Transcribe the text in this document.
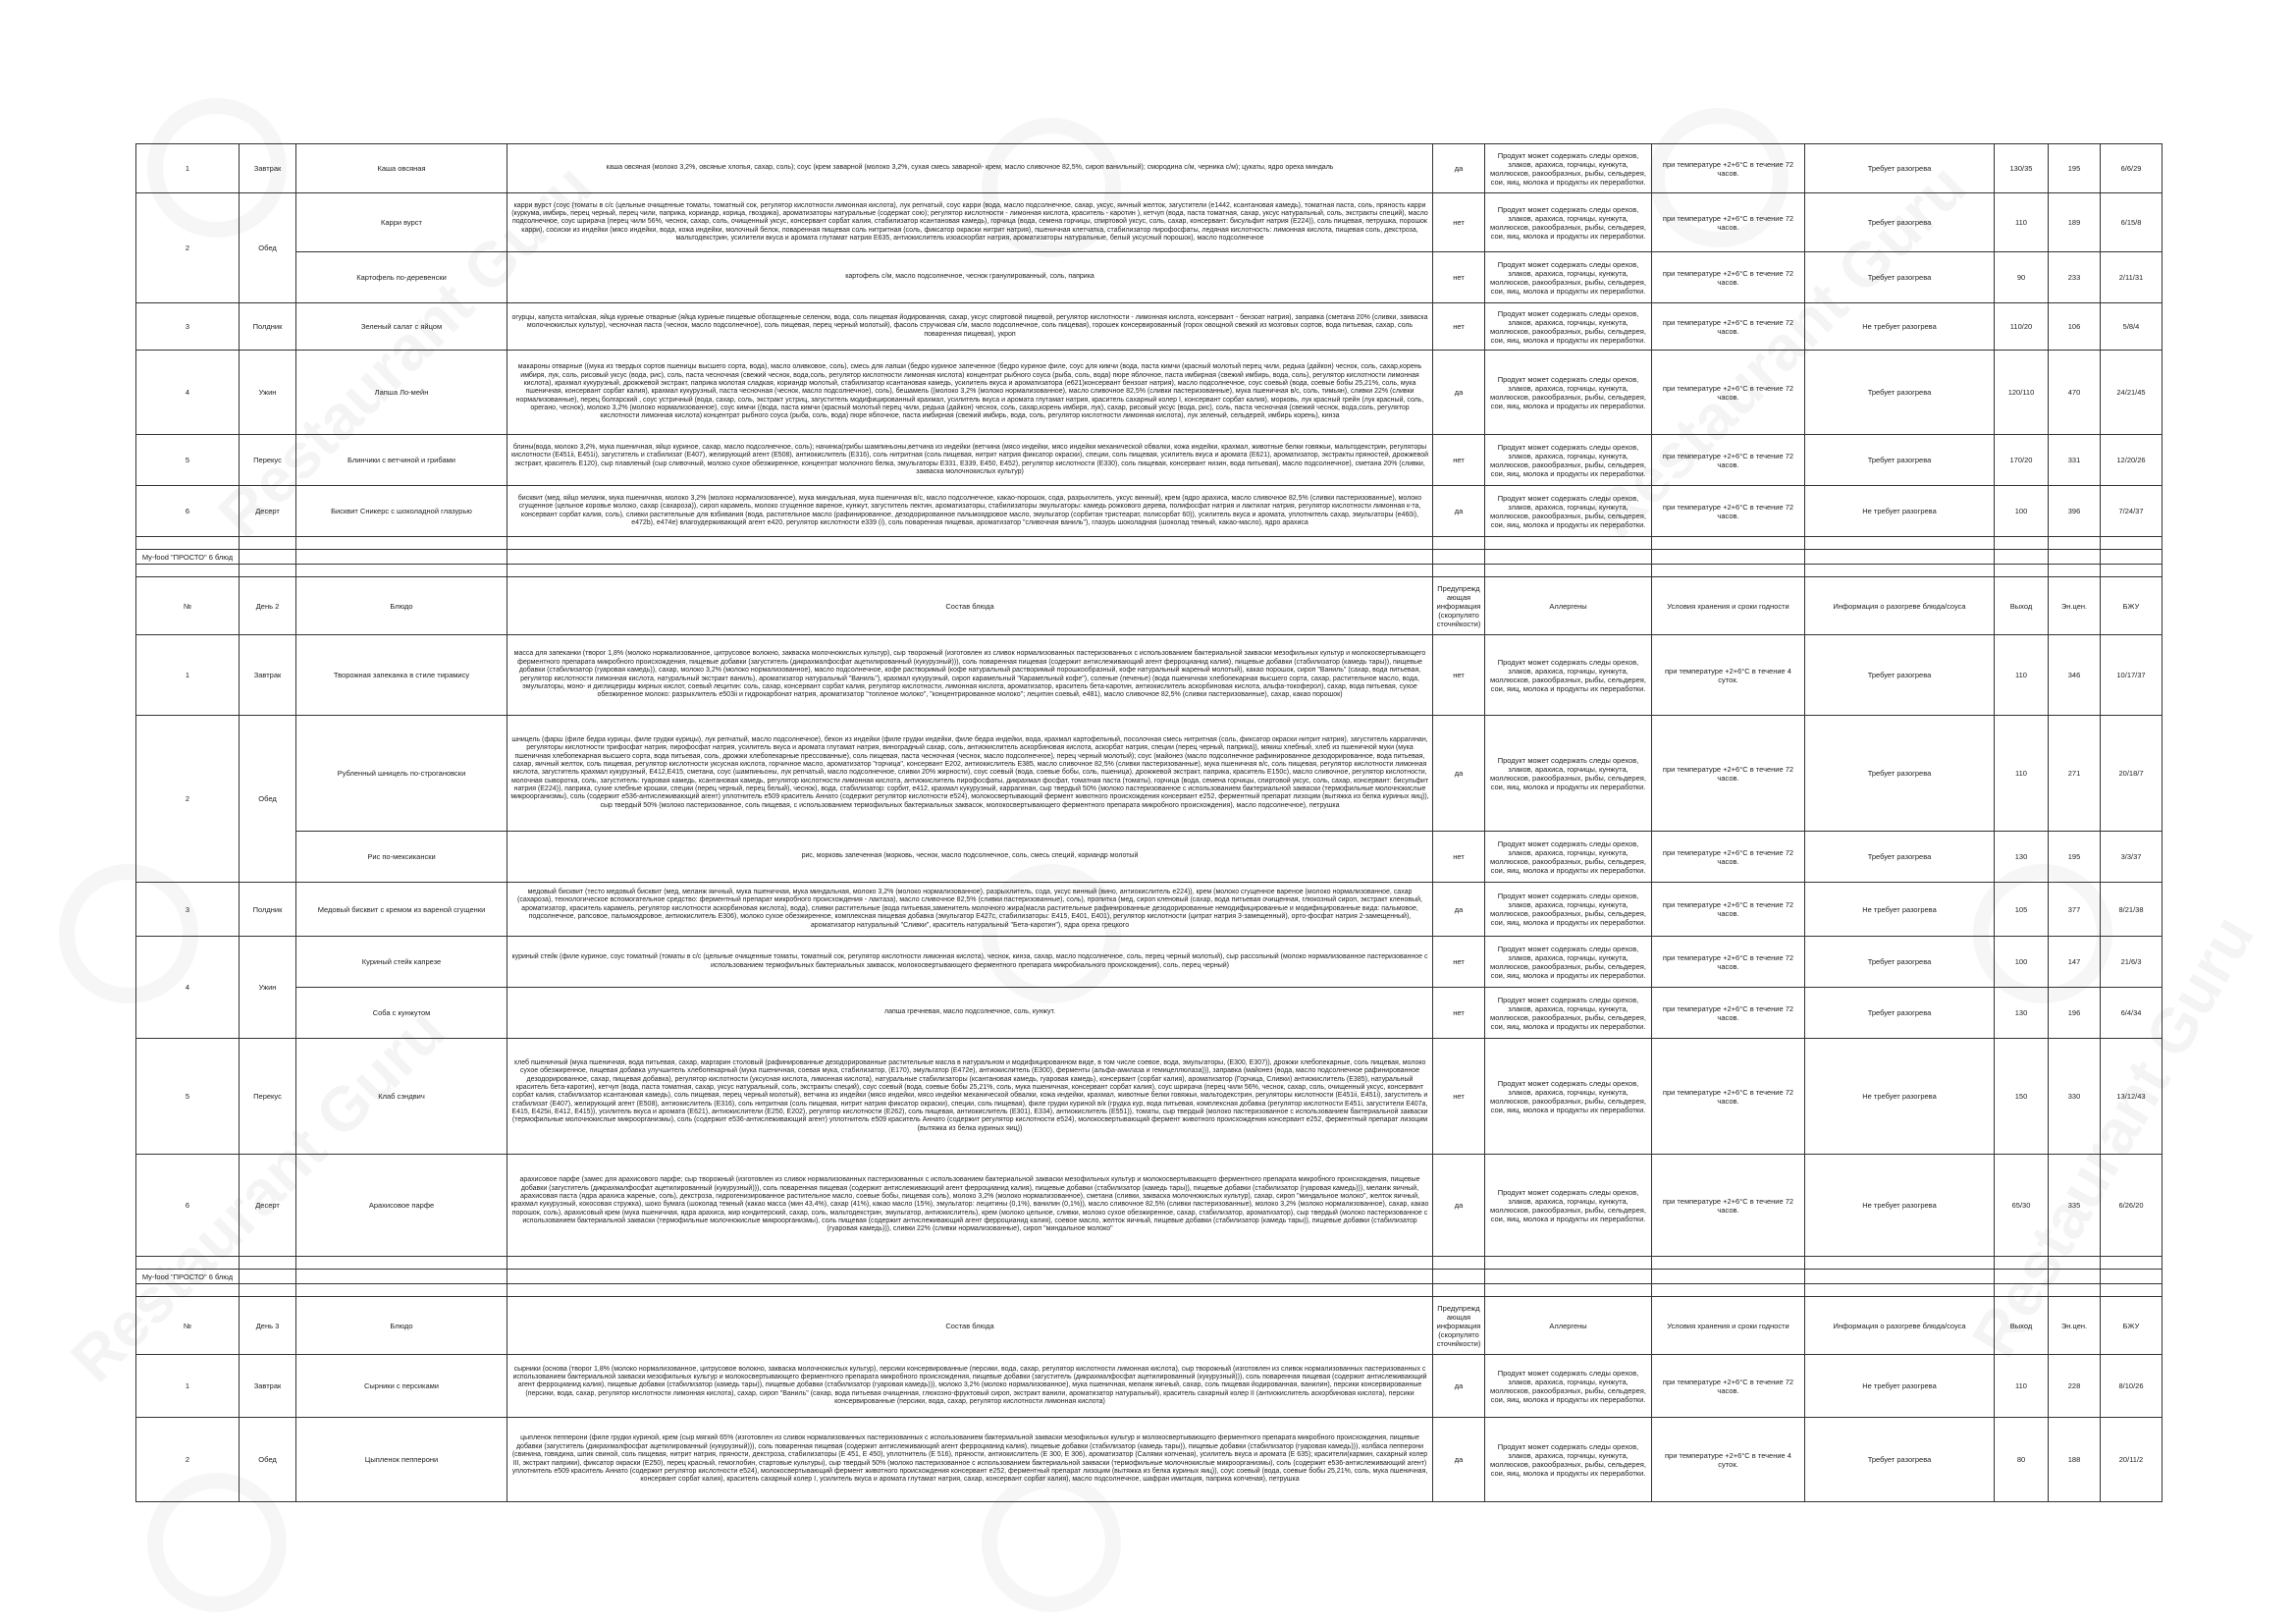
1	Завтрак	Каша овсяная	каша овсяная (молоко 3,2%, овсяные хлопья, сахар, соль); соус (крем заварной (молоко 3,2%, сухая смесь заварной- крем, масло сливочное 82,5%, сироп ванильный); смородина с/м, черника с/м); цукаты, ядро ореха миндаль	да	Продукт может содержать следы орехов, злаков, арахиса, горчицы, кунжута, моллюсков, ракообразных, рыбы, сельдерея, сои, яиц, молока и продукты их переработки.	при температуре +2+6°С в течение 72 часов.	Требует разогрева	130/35	195	6/6/29
2	Обед	Карри вурст	карри вурст (соус (томаты в с/с (цельные очищенные томаты, томатный сок, регулятор кислотности лимонная кислота), лук репчатый, соус карри (вода, масло подсолнечное, сахар, уксус, яичный желток, загустители (е1442, ксантановая камедь), томатная паста, соль, пряность карри (куркума, имбирь, перец черный, перец чили, паприка, кориандр, корица, гвоздика), ароматизаторы натуральные (содержат сою); регулятор кислотности - лимонная кислота, краситель - каротин ), кетчуп (вода, паста томатная, сахар, уксус натуральный, соль, экстракты специй), масло подсолнечное, соус шрирача (перец чили 56%, чеснок, сахар, соль, очищенный уксус, консервант сорбат калия, стабилизатор ксантановая камедь), горчица (вода, семена горчицы, спиртовой уксус, соль, сахар, консервант: бисульфит натрия (E224)), соль пищевая, петрушка, порошок карри), сосиски из индейки (мясо индейки, вода, кожа индейки, молочный белок, поваренная пищевая соль нитритная (соль, фиксатор окраски нитрит натрия), пшеничная клетчатка, стабилизатор пирофосфаты, ледяная кислотность: лимонная кислота, пищевая соль, декстроза, мальтодекстрин, усилители вкуса и аромата глутамат натрия Е635, антиокислитель изоаскорбат натрия, ароматизаторы натуральные, белый уксусный порошок), масло подсолнечное	нет	Продукт может содержать следы орехов, злаков, арахиса, горчицы, кунжута, моллюсков, ракообразных, рыбы, сельдерея, сои, яиц, молока и продукты их переработки.	при температуре +2+6°С в течение 72 часов.	Требует разогрева	110	189	6/15/8
		Картофель по-деревенски	картофель с/м, масло подсолнечное, чеснок гранулированный, соль, паприка	нет	Продукт может содержать следы орехов, злаков, арахиса, горчицы, кунжута, моллюсков, ракообразных, рыбы, сельдерея, сои, яиц, молока и продукты их переработки.	при температуре +2+6°С в течение 72 часов.	Требует разогрева	90	233	2/11/31
3	Полдник	Зеленый салат с яйцом	огурцы, капуста китайская, яйца куриные отварные (яйца куриные пищевые обогащенные селеном, вода, соль пищевая йодированная, сахар, уксус спиртовой пищевой, регулятор кислотности - лимонная кислота, консервант - бензоат натрия), заправка (сметана 20% (сливки, закваска молочнокислых культур), чесночная паста (чеснок, масло подсолнечное), соль пищевая, перец черный молотый), фасоль стручковая с/м, масло подсолнечное, соль пищевая), горошек консервированный (горох овощной свежий из мозговых сортов, вода питьевая, сахар, соль поваренная пищевая), укроп	нет	Продукт может содержать следы орехов, злаков, арахиса, горчицы, кунжута, моллюсков, ракообразных, рыбы, сельдерея, сои, яиц, молока и продукты их переработки.	при температуре +2+6°С в течение 72 часов.	Не требует разогрева	110/20	106	5/8/4
4	Ужин	Лапша Ло-мейн	макароны отварные ((мука из твердых сортов пшеницы высшего сорта, вода), масло оливковое, соль), смесь для лапши (бедро куриное запеченное (бедро куриное филе, соус для кимчи (вода, паста кимчи (красный молотый перец чили, редька (дайкон) чеснок, соль, сахар,корень имбиря, лук, соль, рисовый уксус (вода, рис), соль, паста чесночная (свежий чеснок, вода,соль, регулятор кислотности лимонная кислота) концентрат рыбного соуса (рыба, соль, вода) пюре яблочное, паста имбирная (свежий имбирь, вода, соль), регулятор кислотности лимонная кислота), крахмал кукурузный, дрожжевой экстракт, паприка молотая сладкая, кориандр молотый, стабилизатор ксантановая камедь, усилитель вкуса и ароматизатора (е621)консервант бензоат натрия), масло подсолнечное, соус соевый (вода, соевые бобы 25,21%, соль, мука пшеничная, консервант сорбат калия), крахмал кукурузный, паста чесночная (чеснок, масло подсолнечное), соль), бешамель ((молоко 3,2% (молоко нормализованное), масло сливочное 82,5% (сливки пастеризованные), мука пшеничная в/с, соль, тимьян), сливки 22% (сливки нормализованные), перец болгарский , соус устричный (вода, сахар, соль, экстракт устриц, загуститель модифицированный крахмал, усилитель вкуса и аромата глутамат натрия, краситель сахарный колер I, консервант сорбат калия), морковь, лук красный грейн (лук красный, соль, орегано, чеснок), молоко 3,2% (молоко нормализованное), соус кимчи ((вода, паста кимчи (красный молотый перец чили, редька (дайкон) чеснок, соль, сахар,корень имбиря, лук), сахар, рисовый уксус (вода, рис), соль, паста чесночная (свежий чеснок, вода,соль, регулятор кислотности лимонная кислота) концентрат рыбного соуса (рыба, соль, вода) пюре яблочное, паста имбирная (свежий имбирь, вода, соль, регулятор кислотности лимонная кислота), лук зеленый, сельдерей, имбирь корень), кинза	да	Продукт может содержать следы орехов, злаков, арахиса, горчицы, кунжута, моллюсков, ракообразных, рыбы, сельдерея, сои, яиц, молока и продукты их переработки.	при температуре +2+6°С в течение 72 часов.	Требует разогрева	120/110	470	24/21/45
5	Перекус	Блинчики с ветчиной и грибами	блины(вода, молоко 3,2%, мука пшеничная, яйцо куриное, сахар, масло подсолнечное, соль); начинка(грибы шампиньоны,ветчина из индейки (ветчина (мясо индейки, мясо индейки механической обвалки, кожа индейки, крахмал, животные белки говяжьи, мальтодекстрин, регуляторы кислотности (Е451ii, Е451i), загуститель и стабилизат (Е407), желирующий агент (Е508), антиокислитель (Е316), соль нитритная (соль пищевая, нитрит натрия фиксатор окраски), специи, соль пищевая, усилитель вкуса и аромата (Е621), ароматизатор, экстракты пряностей, дрожжевой экстракт, краситель Е120), сыр плавленый (сыр сливочный, молоко сухое обезжиренное, концентрат молочного белка, эмульгаторы Е331, Е339, Е450, Е452), регулятор кислотности (Е330), соль пищевая, консервант низин, вода питьевая), масло подсолнечное), сметана 20% (сливки, закваска молочнокислых культур)	нет	Продукт может содержать следы орехов, злаков, арахиса, горчицы, кунжута, моллюсков, ракообразных, рыбы, сельдерея, сои, яиц, молока и продукты их переработки.	при температуре +2+6°С в течение 72 часов.	Требует разогрева	170/20	331	12/20/26
6	Десерт	Бисквит Сникерс с шоколадной глазурью	бисквит (мед, яйцо меланж, мука пшеничная, молоко 3,2% (молоко нормализованное), мука миндальная, мука пшеничная в/с, масло подсолнечное, какао-порошок, сода, разрыхлитель, уксус винный), крем (ядро арахиса, масло сливочное 82,5% (сливки пастеризованные), молоко сгущенное (цельное коровье молоко, сахар (сахароза)), сироп карамель, молоко сгущенное вареное, кунжут, загуститель пектин, ароматизаторы, стабилизаторы эмульгаторы: камедь рожкового дерева, полифосфат натрия и лактилат натрия, регулятор кислотности лимонная к-та, консервант сорбат калия, соль), сливки растительные для взбивания (вода, растительное масло (рафинированное, дезодорированное пальмоядровое масло, эмульгатор (сорбитан тристеарат, полисорбат 60)), усилитель вкуса и аромата, уплотнитель сахар, эмульгаторы (е460i), е472b), е474e) влагоудерживающий агент е420, регулятор кислотности е339 (i), соль поваренная пищевая, ароматизатор "сливочная ваниль"), глазурь шоколадная (шоколад темный, какао-масло), ядро арахиса	да	Продукт может содержать следы орехов, злаков, арахиса, горчицы, кунжута, моллюсков, ракообразных, рыбы, сельдерея, сои, яиц, молока и продукты их переработки.	при температуре +2+6°С в течение 72 часов.	Не требует разогрева	100	396	7/24/37

My-food "ПРОСТО" 6 блюд										

№	День 2	Блюдо	Состав блюда	Предупреждающая информация (скорпулято сточнйкости)	Аллергены	Условия хранения и сроки годности	Информация о разогреве блюда/соуса	Выход	Эн.цен.	БЖУ
1	Завтрак	Творожная запеканка в стиле тирамису	масса для запеканки (творог 1,8% (молоко нормализованное, цитрусовое волокно, закваска молочнокислых культур), сыр творожный (изготовлен из сливок нормализованных пастеризованных с использованием бактериальной закваски мезофильных культур и молокосвертывающего ферментного препарата микробного происхождения, пищевые добавки (загуститель (дикрахмалфосфат ацетилированный (кукурузный))), соль поваренная пищевая (содержит антислеживающий агент ферроцианид калия), пищевые добавки (стабилизатор (камедь тары)), пищевые добавки (стабилизатор (гуаровая камедь)), сахар, молоко 3,2% (молоко нормализованное), масло подсолнечное, кофе растворимый (кофе натуральный растворимый порошкообразный, кофе натуральный жареный молотый), какао порошок, сироп "Ваниль" (сахар, вода питьевая, регулятор кислотности лимонная кислота, натуральный экстракт ваниль), ароматизатор натуральный "Ваниль"), крахмал кукурузный, сироп карамельный "Карамельный кофе"), соленые (печенье) (вода пшеничная хлебопекарная высшего сорта, сахар, растительное масло, вода, эмульгаторы, моно- и диглицериды жирных кислот, соевый лецитин: соль, сахар, консервант сорбат калия, регулятор кислотности, лимонная кислота, ароматизатор, краситель бета-каротин, антиокислитель аскорбиновая кислота, альфа-токоферол), сахар, вода питьевая, сухое обезжиренное молоко: разрыхлитель е503ii и гидрокарбонат натрия, ароматизатор "топленое молоко", "концентрированное молоко"; лецитин соевый, е481), масло сливочное 82,5% (сливки пастеризованные), сахар, какао порошок)	нет	Продукт может содержать следы орехов, злаков, арахиса, горчицы, кунжута, моллюсков, ракообразных, рыбы, сельдерея, сои, яиц, молока и продукты их переработки.	при температуре +2+6°С в течение 4 суток.	Требует разогрева	110	346	10/17/37
2	Обед	Рубленный шницель по-строгановски	шницель (фарш (филе бедра курицы, филе грудки курицы), лук репчатый, масло подсолнечное), бекон из индейки (филе грудки индейки, филе бедра индейки, вода, крахмал картофельный, посолочная смесь нитритная (соль, фиксатор окраски нитрит натрия), загуститель каррагинан, регуляторы кислотности трифосфат натрия, пирофосфат натрия, усилитель вкуса и аромата глутамат натрия, виноградный сахар, соль, антиокислитель аскорбиновая кислота, аскорбат натрия, специи (перец черный, паприка)), мякиш хлебный, хлеб из пшеничной муки (мука пшеничная хлебопекарная высшего сорта, вода питьевая, соль, дрожжи хлебопекарные прессованные), соль пищевая, паста чесночная (чеснок, масло подсолнечное), перец черный молотый); соус (майонез (масло подсолнечное рафинированное дезодорированное, вода питьевая, сахар, яичный желток, соль пищевая, регулятор кислотности уксусная кислота, горчичное масло, ароматизатор "горчица", консервант Е202, антиокислитель Е385, масло сливочное 82,5% (сливки пастеризованные), мука пшеничная в/с, соль пищевая, регулятор кислотности лимонная кислота, загуститель крахмал кукурузный, Е412,Е415, сметана, соус (шампиньоны, лук репчатый, масло подсолнечное, сливки 20% жирности), соус соевый (вода, соевые бобы, соль, пшеница), дрожжевой экстракт, паприка, краситель Е150с), масло сливочное, регулятор кислотности, молочная сыворотка, соль, загуститель: гуаровая камедь, ксантановая камедь, регулятор кислотности лимонная кислота, антиокислитель пирофосфаты, дикрахмал фосфат, томатная паста (томаты), горчица (вода, семена горчицы, спиртовой уксус, соль, сахар, консервант: бисульфит натрия (E224)), паприка, сухие хлебные крошки, специи (перец черный, перец белый), чеснок), вода, стабилизатор: сорбит, е412, крахмал кукурузный, каррагинан, сыр твердый 50% (молоко пастеризованное с использованием бактериальной закваски (термофильные молочнокислые микроорганизмы), соль (содержит е536-антислеживающий агент) уплотнитель е509 краситель Аннато (содержит регулятор кислотности е524), молокосвертывающий фермент животного происхождения консервант е252, ферментный препарат лизоцим (вытяжка из белка куриных яиц)), сыр твердый 50% (молоко пастеризованное, соль пищевая, с использованием термофильных бактериальных заквасок, молокосвертывающего ферментного препарата микробного происхождения), масло подсолнечное), петрушка	да	Продукт может содержать следы орехов, злаков, арахиса, горчицы, кунжута, моллюсков, ракообразных, рыбы, сельдерея, сои, яиц, молока и продукты их переработки.	при температуре +2+6°С в течение 72 часов.	Требует разогрева	110	271	20/18/7
		Рис по-мексикански	рис, морковь запеченная (морковь, чеснок, масло подсолнечное, соль, смесь специй, кориандр молотый	нет	Продукт может содержать следы орехов, злаков, арахиса, горчицы, кунжута, моллюсков, ракообразных, рыбы, сельдерея, сои, яиц, молока и продукты их переработки.	при температуре +2+6°С в течение 72 часов.	Требует разогрева	130	195	3/3/37
3	Полдник	Медовый бисквит с кремом из вареной сгущенки	медовый бисквит (тесто медовый бисквит (мед, меланж яичный, мука пшеничная, мука миндальная, молоко 3,2% (молоко нормализованное), разрыхлитель, сода, уксус винный (вино, антиокислитель е224)), крем (молоко сгущенное вареное (молоко нормализованное, сахар (сахароза), технологическое вспомогательное средство: ферментный препарат микробного происхождения - лактаза), масло сливочное 82,5% (сливки пастеризованные), соль), пропитка (мед, сироп кленовый (сахар, вода питьевая очищенная, глюкозный сироп, экстракт кленовый, ароматизатор, краситель карамель, регулятор кислотности аскорбиновая кислота), вода), сливки растительные (вода питьевая,заменитель молочного жира(масла растительные рафинированные дезодорированные немодифицированные и модифицированные вида: пальмовое, подсолнечное, рапсовое, пальмоядровое, антиокислитель Е306), молоко сухое обезжиренное, комплексная пищевая добавка (эмульгатор Е427с, стабилизаторы: Е415, Е401, Е401), регулятор кислотности (цитрат натрия 3-замещенный), орто-фосфат натрия 2-замещенный), ароматизатор натуральный "Сливки", краситель натуральный "Бета-каротин"), ядра ореха грецкого	да	Продукт может содержать следы орехов, злаков, арахиса, горчицы, кунжута, моллюсков, ракообразных, рыбы, сельдерея, сои, яиц, молока и продукты их переработки.	при температуре +2+6°С в течение 72 часов.	Не требует разогрева	105	377	8/21/38
4	Ужин	Куриный стейк капрезе	куриный стейк (филе куриное, соус томатный (томаты в с/с (цельные очищенные томаты, томатный сок, регулятор кислотности лимонная кислота), чеснок, кинза, сахар, масло подсолнечное, соль, перец черный молотый), сыр рассольный (молоко нормализованное пастеризованное с использованием термофильных бактериальных заквасок, молокосвертывающего ферментного препарата микробиального происхождения), соль, перец черный)	нет	Продукт может содержать следы орехов, злаков, арахиса, горчицы, кунжута, моллюсков, ракообразных, рыбы, сельдерея, сои, яиц, молока и продукты их переработки.	при температуре +2+6°С в течение 72 часов.	Требует разогрева	100	147	21/6/3
		Соба с кунжутом	лапша гречневая, масло подсолнечное, соль, кунжут.	нет	Продукт может содержать следы орехов, злаков, арахиса, горчицы, кунжута, моллюсков, ракообразных, рыбы, сельдерея, сои, яиц, молока и продукты их переработки.	при температуре +2+6°С в течение 72 часов.	Требует разогрева	130	196	6/4/34
5	Перекус	Клаб сэндвич	хлеб пшеничный (мука пшеничная, вода питьевая, сахар, маргарин столовый (рафинированные дезодорированные растительные масла в натуральном и модифицированном виде, в том числе соевое, вода, эмульгаторы, (Е300, Е307)), дрожжи хлебопекарные, соль пищевая, молоко сухое обезжиренное, пищевая добавка улучшитель хлебопекарный (мука пшеничная, соевая мука, стабилизатор, (Е170), эмульгатор (Е472е), антиокислитель (Е300), ферменты (альфа-амилаза и гемицеллюлаза))), заправка (майонез (вода, масло подсолнечное рафинированное дезодорированное, сахар, пищевая добавка), регулятор кислотности (уксусная кислота, лимонная кислота), натуральные стабилизаторы (ксантановая камедь, гуаровая камедь), консервант (сорбат калия), ароматизатор (Горчица, Сливки) антиокислитель (Е385), натуральный краситель бета-каротин), кетчуп (вода, паста томатная, сахар, уксус натуральный, соль, экстракты специй), соус соевый (вода, соевые бобы 25,21%, соль, мука пшеничная, консервант сорбат калия), соус шрирача (перец чили 56%, чеснок, сахар, соль, очищенный уксус, консервант сорбат калия, стабилизатор ксантановая камедь), соль пищевая, перец черный молотый), ветчина из индейки (мясо индейки, мясо индейки механической обвалки, кожа индейки, крахмал, животные белки говяжьи, мальтодекстрин, регуляторы кислотности (Е451ii, Е451i), загуститель и стабилизат (Е407), желирующий агент (Е508), антиокислитель (Е316), соль нитритная (соль пищевая, нитрит натрия фиксатор окраски), специи, соль пищевая), филе грудки куриной в/к (грудка кур, вода питьевая, комплексная добавка (регулятор кислотности Е451i, загустители Е407a, Е415, Е425ii, Е412, Е415)), усилитель вкуса и аромата (Е621), антиокислители (Е250, Е202), регулятор кислотности (Е262), соль пищевая, антиокислитель (Е301), Е334), антиокислитель (Е551)), томаты, сыр твердый (молоко пастеризованное с использованием бактериальной закваски (термофильные молочнокислые микроорганизмы), соль (содержит е536-антислеживающий агент) уплотнитель е509 краситель Аннато (содержит регулятор кислотности е524), молокосвертывающий фермент животного происхождения консервант е252, ферментный препарат лизоцим (вытяжка из белка куриных яиц))	нет	Продукт может содержать следы орехов, злаков, арахиса, горчицы, кунжута, моллюсков, ракообразных, рыбы, сельдерея, сои, яиц, молока и продукты их переработки.	при температуре +2+6°С в течение 72 часов.	Не требует разогрева	150	330	13/12/43
6	Десерт	Арахисовое парфе	арахисовое парфе (замес для арахисового парфе; сыр творожный (изготовлен из сливок нормализованных пастеризованных с использованием бактериальной закваски мезофильных культур и молокосвертывающего ферментного препарата микробного происхождения, пищевые добавки (загуститель (дикрахмалфосфат ацетилированный (кукурузный))), соль поваренная пищевая (содержит антислеживающий агент ферроцианид калия), пищевые добавки (стабилизатор (камедь тары)), пищевые добавки (стабилизатор (гуаровая камедь))), меланж яичный, арахисовая паста (ядра арахиса жареные, соль), декстроза, гидрогенизированное растительное масло, соевые бобы, пищевая соль), молоко 3,2% (молоко нормализованное), сметана (сливки, закваска молочнокислых культур), сахар, сироп "миндальное молоко", желток яичный, крахмал кукурузный, кокосовая стружка), шоко бумага (шоколад темный (какао масса (мин 43,4%), сахар (41%), какао масло (15%), эмульгатор: лецитины (0,1%), ванилин (0,1%)), масло сливочное 82,5% (сливки пастеризованные), молоко 3,2% (молоко нормализованное), сахар, какао порошок, соль), арахисовый крем (мука пшеничная, ядра арахиса, жир кондитерский, сахар, соль, мальтодекстрин, эмульгатор, антиокислитель), крем (молоко цельное, сливки, молоко сухое обезжиренное, сахар, стабилизатор, ароматизатор), сыр твердый (молоко пастеризованное с использованием бактериальной закваски (термофильные молочнокислые микроорганизмы), соль пищевая (содержит антислеживающий агент ферроцианид калия), соевое масло, желток яичный, пищевые добавки (стабилизатор (камедь тары)), пищевые добавки (стабилизатор (гуаровая камедь))), сливки 22% (сливки нормализованные), сироп "миндальное молоко"	да	Продукт может содержать следы орехов, злаков, арахиса, горчицы, кунжута, моллюсков, ракообразных, рыбы, сельдерея, сои, яиц, молока и продукты их переработки.	при температуре +2+6°С в течение 72 часов.	Не требует разогрева	65/30	335	6/26/20

My-food "ПРОСТО" 6 блюд										

№	День 3	Блюдо	Состав блюда	Предупреждающая информация (скорпулято сточнйкости)	Аллергены	Условия хранения и сроки годности	Информация о разогреве блюда/соуса	Выход	Эн.цен.	БЖУ
1	Завтрак	Сырники с персиками	сырники (основа (творог 1,8% (молоко нормализованное, цитрусовое волокно, закваска молочнокислых культур), персики консервированные (персики, вода, сахар, регулятор кислотности лимонная кислота), сыр творожный (изготовлен из сливок нормализованных пастеризованных с использованием бактериальной закваски мезофильных культур и молокосвертывающего ферментного препарата микробного происхождения, пищевые добавки (загуститель (дикрахмалфосфат ацетилированный (кукурузный))), соль поваренная пищевая (содержит антислеживающий агент ферроцианид калия), пищевые добавки (стабилизатор (камедь тары)), пищевые добавки (стабилизатор (гуаровая камедь))), молоко 3,2% (молоко нормализованное), мука пшеничная, меланж яичный, сахар, соль пищевая йодированная, ванилин), персики консервированные (персики, вода, сахар, регулятор кислотности лимонная кислота), сахар, сироп "Ваниль" (сахар, вода питьевая очищенная, глюкозно-фруктовый сироп, экстракт ванили, ароматизатор натуральный), краситель сахарный колер II (антиокислитель аскорбиновая кислота), персики консервированные (персики, вода, сахар, регулятор кислотности лимонная кислота)	да	Продукт может содержать следы орехов, злаков, арахиса, горчицы, кунжута, моллюсков, ракообразных, рыбы, сельдерея, сои, яиц, молока и продукты их переработки.	при температуре +2+6°С в течение 72 часов.	Не требует разогрева	110	228	8/10/26
2	Обед	Цыпленок пепперони	цыпленок пепперони (филе грудки куриной, крем (сыр мягкий 65% (изготовлен из сливок нормализованных пастеризованных с использованием бактериальной закваски мезофильных культур и молокосвертывающего ферментного препарата микробного происхождения, пищевые добавки (загуститель (дикрахмалфосфат ацетилированный (кукурузный))), соль поваренная пищевая (содержит антислеживающий агент ферроцианид калия), пищевые добавки (стабилизатор (камедь тары)), пищевые добавки (стабилизатор (гуаровая камедь))), колбаса пепперони (свинина, говядина, шпик свиной, соль пищевая, нитрит натрия, пряности, декстроза, стабилизаторы (Е 451, Е 450), уплотнитель (Е 516), пряности, антиокислитель (Е 300, Е 306), ароматизатор (Салями копченая), усилитель вкуса и аромата (Е 635); красители(кармин, сахарный колер III, экстракт паприки), фиксатор окраски (Е250), перец красный, гемоглобин, стартовые культуры), сыр твердый 50% (молоко пастеризованное с использованием бактериальной закваски (термофильные молочнокислые микроорганизмы), соль (содержит е536-антислеживающий агент) уплотнитель е509 краситель Аннато (содержит регулятор кислотности е524), молокосвертывающий фермент животного происхождения консервант е252, ферментный препарат лизоцим (вытяжка из белка куриных яиц)), соус соевый (вода, соевые бобы 25,21%, соль, мука пшеничная, консервант сорбат калия), краситель сахарный колер I, усилитель вкуса и аромата глутамат натрия, сахар, консервант сорбат калия), масло подсолнечное, шафран имитация, паприка копченая), петрушка	да	Продукт может содержать следы орехов, злаков, арахиса, горчицы, кунжута, моллюсков, ракообразных, рыбы, сельдерея, сои, яиц, молока и продукты их переработки.	при температуре +2+6°С в течение 4 суток.	Требует разогрева	80	188	20/11/2
